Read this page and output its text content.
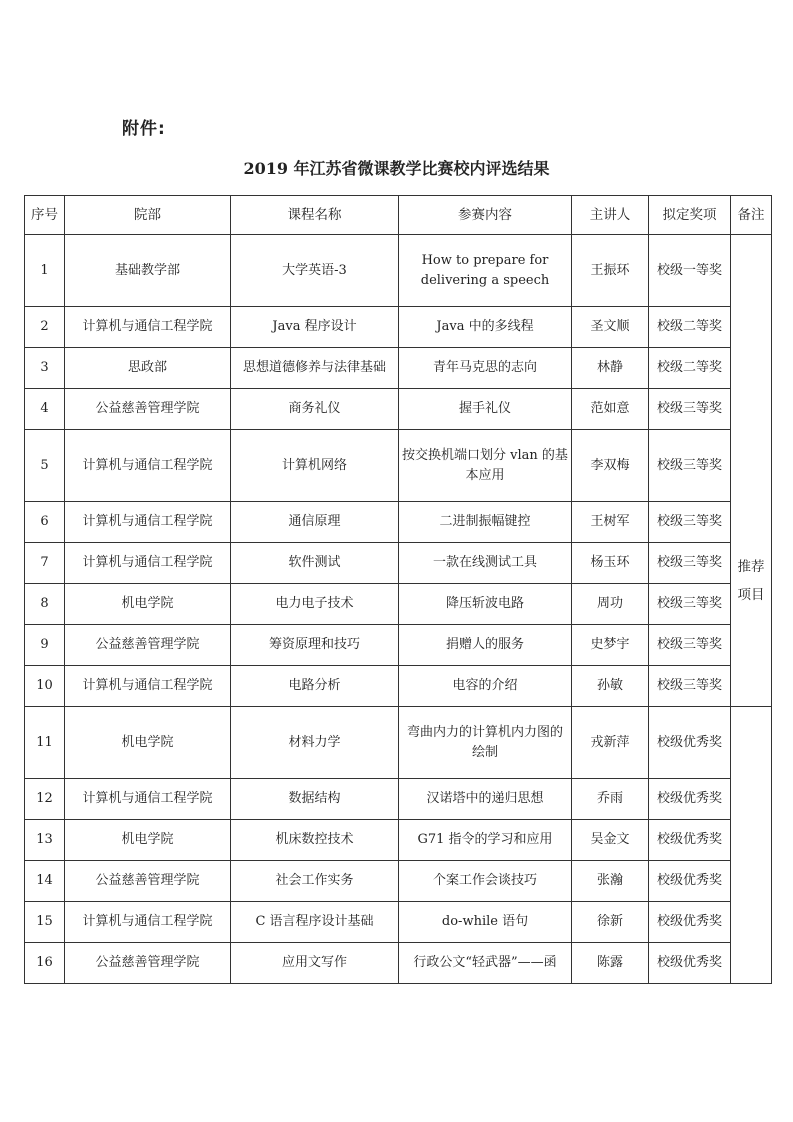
附件:
2019 年江苏省微课教学比赛校内评选结果
序号	院部	课程名称	参赛内容	主讲人	拟定奖项	备注
1	基础教学部	大学英语-3	How to prepare for delivering a speech	王振环	校级一等奖	推荐项目

2	计算机与通信工程学院	Java 程序设计	Java 中的多线程	圣文顺	校级二等奖	
3	思政部	思想道德修养与法律基础	青年马克思的志向	林静	校级二等奖	
4	公益慈善管理学院	商务礼仪	握手礼仪	范如意	校级三等奖	
5	计算机与通信工程学院	计算机网络	按交换机端口划分 vlan 的基本应用	李双梅	校级三等奖	
6	计算机与通信工程学院	通信原理	二进制振幅键控	王树军	校级三等奖	
7	计算机与通信工程学院	软件测试	一款在线测试工具	杨玉环	校级三等奖	
8	机电学院	电力电子技术	降压斩波电路	周功	校级三等奖	
9	公益慈善管理学院	筹资原理和技巧	捐赠人的服务	史梦宇	校级三等奖	
10	计算机与通信工程学院	电路分析	电容的介绍	孙敏	校级三等奖	
11	机电学院	材料力学	弯曲内力的计算机内力图的绘制	戎新萍	校级优秀奖	
12	计算机与通信工程学院	数据结构	汉诺塔中的递归思想	乔雨	校级优秀奖	
13	机电学院	机床数控技术	G71 指令的学习和应用	吴金文	校级优秀奖	
14	公益慈善管理学院	社会工作实务	个案工作会谈技巧	张瀚	校级优秀奖	
15	计算机与通信工程学院	C 语言程序设计基础	do-while 语句	徐新	校级优秀奖	
16	公益慈善管理学院	应用文写作	行政公文“轻武器”——函	陈露	校级优秀奖	
